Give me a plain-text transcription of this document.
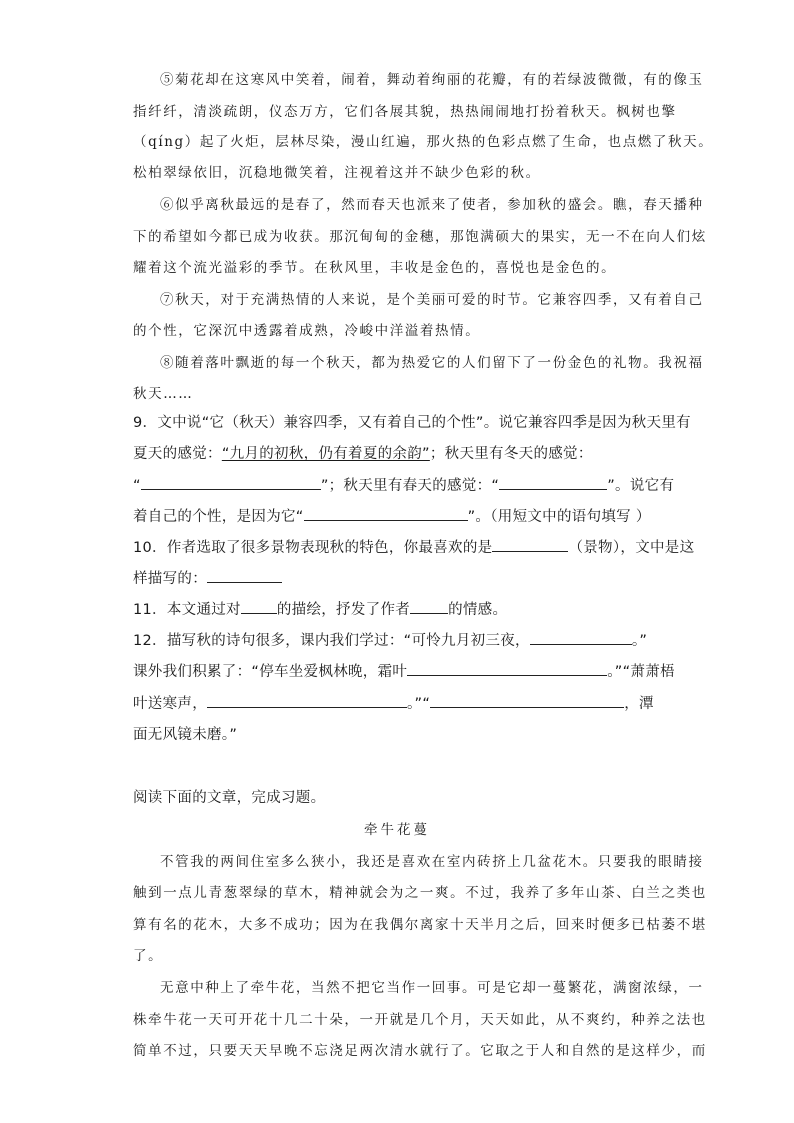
⑤菊花却在这寒风中笑着，闹着，舞动着绚丽的花瓣，有的若绿波微微，有的像玉
指纤纤，清淡疏朗，仪态万方，它们各展其貌，热热闹闹地打扮着秋天。枫树也擎
（qíng）起了火炬，层林尽染，漫山红遍，那火热的色彩点燃了生命，也点燃了秋天。
松柏翠绿依旧，沉稳地微笑着，注视着这并不缺少色彩的秋。
⑥似乎离秋最远的是春了，然而春天也派来了使者，参加秋的盛会。瞧，春天播种
下的希望如今都已成为收获。那沉甸甸的金穗，那饱满硕大的果实，无一不在向人们炫
耀着这个流光溢彩的季节。在秋风里，丰收是金色的，喜悦也是金色的。
⑦秋天，对于充满热情的人来说，是个美丽可爱的时节。它兼容四季，又有着自己
的个性，它深沉中透露着成熟，冷峻中洋溢着热情。
⑧随着落叶飘逝的每一个秋天，都为热爱它的人们留下了一份金色的礼物。我祝福
秋天……
9．文中说“它（秋天）兼容四季，又有着自己的个性”。说它兼容四季是因为秋天里有
夏天的感觉：“九月的初秋，仍有着夏的余韵”；秋天里有冬天的感觉：
“	”；秋天里有春天的感觉：“	”。说它有
着自己的个性，是因为它“	”。（用短文中的语句填写 ）
10．作者选取了很多景物表现秋的特色，你最喜欢的是	（景物），文中是这
样描写的：
11．本文通过对 的描绘，抒发了作者	的情感。
12．描写秋的诗句很多，课内我们学过：“可怜九月初三夜，	。”
课外我们积累了：“停车坐爱枫林晚，霜叶	。”“萧萧梧
叶送寒声，	。”“	，潭
面无风镜未磨。”
阅读下面的文章，完成习题。
牵牛花蔓
不管我的两间住室多么狭小，我还是喜欢在室内砖挤上几盆花木。只要我的眼睛接
触到一点儿青葱翠绿的草木，精神就会为之一爽。不过，我养了多年山茶、白兰之类也
算有名的花木，大多不成功；因为在我偶尔离家十天半月之后，回来时便多已枯萎不堪
了。
无意中种上了牵牛花，当然不把它当作一回事。可是它却一蔓繁花，满窗浓绿，一
株牵牛花一天可开花十几二十朵，一开就是几个月，天天如此，从不爽约，种养之法也
简单不过，只要天天早晚不忘浇足两次清水就行了。它取之于人和自然的是这样少，而
